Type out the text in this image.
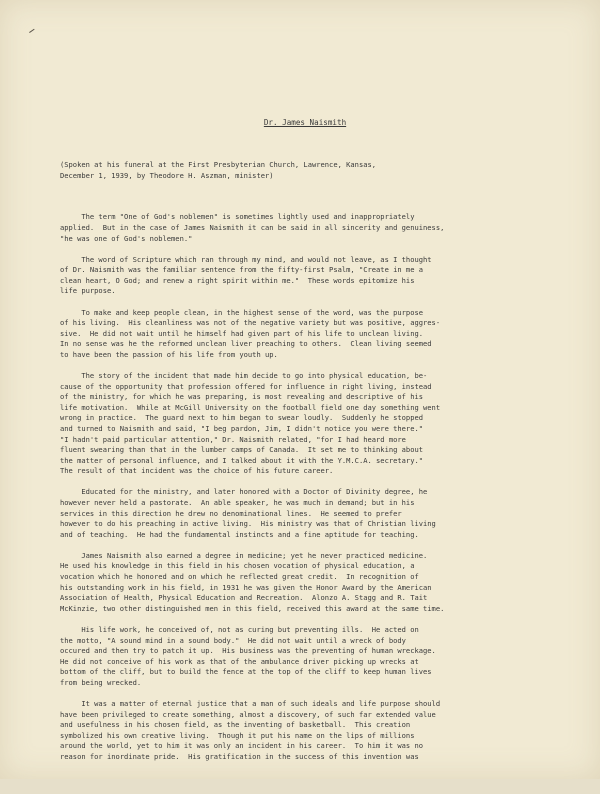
Dr. James Naismith

(Spoken at his funeral at the First Presbyterian Church, Lawrence, Kansas,
December 1, 1939, by Theodore H. Aszman, minister)

The term "One of God's noblemen" is sometimes lightly used and inappropriately
applied.  But in the case of James Naismith it can be said in all sincerity and genuiness,
"he was one of God's noblemen."
The word of Scripture which ran through my mind, and would not leave, as I thought
of Dr. Naismith was the familiar sentence from the fifty-first Psalm, "Create in me a
clean heart, O God; and renew a right spirit within me."  These words epitomize his
life purpose.
To make and keep people clean, in the highest sense of the word, was the purpose
of his living.  His cleanliness was not of the negative variety but was positive, aggres-
sive.  He did not wait until he himself had given part of his life to unclean living.
In no sense was he the reformed unclean liver preaching to others.  Clean living seemed
to have been the passion of his life from youth up.
The story of the incident that made him decide to go into physical education, be-
cause of the opportunity that profession offered for influence in right living, instead
of the ministry, for which he was preparing, is most revealing and descriptive of his
life motivation.  While at McGill University on the football field one day something went
wrong in practice.  The guard next to him began to swear loudly.  Suddenly he stopped
and turned to Naismith and said, "I beg pardon, Jim, I didn't notice you were there."
"I hadn't paid particular attention," Dr. Naismith related, "for I had heard more
fluent swearing than that in the lumber camps of Canada.  It set me to thinking about
the matter of personal influence, and I talked about it with the Y.M.C.A. secretary."
The result of that incident was the choice of his future career.
Educated for the ministry, and later honored with a Doctor of Divinity degree, he
however never held a pastorate.  An able speaker, he was much in demand; but in his
services in this direction he drew no denominational lines.  He seemed to prefer
however to do his preaching in active living.  His ministry was that of Christian living
and of teaching.  He had the fundamental instincts and a fine aptitude for teaching.
James Naismith also earned a degree in medicine; yet he never practiced medicine.
He used his knowledge in this field in his chosen vocation of physical education, a
vocation which he honored and on which he reflected great credit.  In recognition of
his outstanding work in his field, in 1931 he was given the Honor Award by the American
Association of Health, Physical Education and Recreation.  Alonzo A. Stagg and R. Tait
McKinzie, two other distinguished men in this field, received this award at the same time.
His life work, he conceived of, not as curing but preventing ills.  He acted on
the motto, "A sound mind in a sound body."  He did not wait until a wreck of body
occured and then try to patch it up.  His business was the preventing of human wreckage.
He did not conceive of his work as that of the ambulance driver picking up wrecks at
bottom of the cliff, but to build the fence at the top of the cliff to keep human lives
from being wrecked.
It was a matter of eternal justice that a man of such ideals and life purpose should
have been privileged to create something, almost a discovery, of such far extended value
and usefulness in his chosen field, as the inventing of basketball.  This creation
symbolized his own creative living.  Though it put his name on the lips of millions
around the world, yet to him it was only an incident in his career.  To him it was no
reason for inordinate pride.  His gratification in the success of this invention was
